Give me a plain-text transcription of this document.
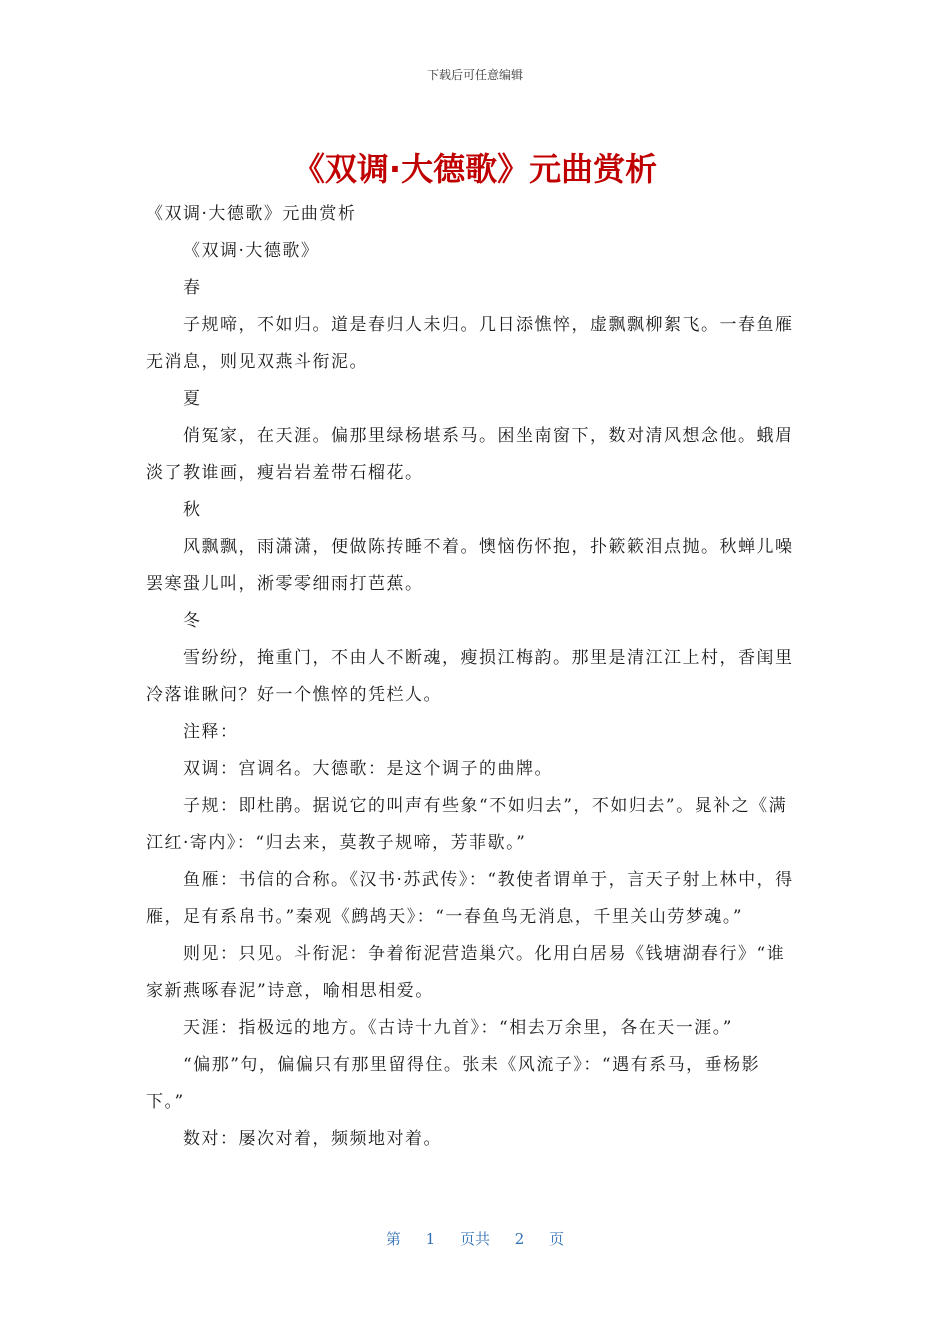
下载后可任意编辑
《双调·大德歌》元曲赏析

《双调·大德歌》元曲赏析

《双调·大德歌》

春

子规啼，不如归。道是春归人未归。几日添憔悴，虚飘飘柳絮飞。一春鱼雁无消息，则见双燕斗衔泥。

夏

俏冤家，在天涯。偏那里绿杨堪系马。困坐南窗下，数对清风想念他。蛾眉淡了教谁画，瘦岩岩羞带石榴花。

秋

风飘飘，雨潇潇，便做陈抟睡不着。懊恼伤怀抱，扑簌簌泪点抛。秋蝉儿噪罢寒蛩儿叫，淅零零细雨打芭蕉。

冬

雪纷纷，掩重门，不由人不断魂，瘦损江梅韵。那里是清江江上村，香闺里冷落谁瞅问？好一个憔悴的凭栏人。

注释：

双调：宫调名。大德歌：是这个调子的曲牌。

子规：即杜鹃。据说它的叫声有些象“不如归去”，不如归去”。晁补之《满江红·寄内》：“归去来，莫教子规啼，芳菲歇。”

鱼雁：书信的合称。《汉书·苏武传》：“教使者谓单于，言天子射上林中，得雁，足有系帛书。”秦观《鹧鸪天》：“一春鱼鸟无消息，千里关山劳梦魂。”

则见：只见。斗衔泥：争着衔泥营造巢穴。化用白居易《钱塘湖春行》“谁家新燕啄春泥”诗意，喻相思相爱。

天涯：指极远的地方。《古诗十九首》：“相去万余里，各在天一涯。”

“偏那”句，偏偏只有那里留得住。张耒《风流子》：“遇有系马，垂杨影下。”

数对：屡次对着，频频地对着。

第 1 页共 2 页
